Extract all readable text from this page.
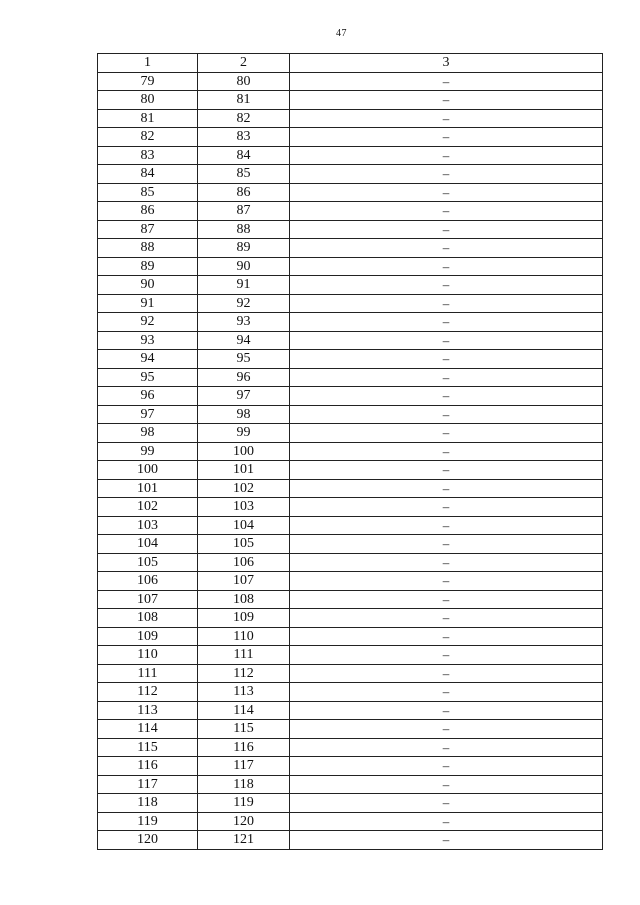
47
1	2	3
79	80	–
80	81	–
81	82	–
82	83	–
83	84	–
84	85	–
85	86	–
86	87	–
87	88	–
88	89	–
89	90	–
90	91	–
91	92	–
92	93	–
93	94	–
94	95	–
95	96	–
96	97	–
97	98	–
98	99	–
99	100	–
100	101	–
101	102	–
102	103	–
103	104	–
104	105	–
105	106	–
106	107	–
107	108	–
108	109	–
109	110	–
110	111	–
111	112	–
112	113	–
113	114	–
114	115	–
115	116	–
116	117	–
117	118	–
118	119	–
119	120	–
120	121	–
